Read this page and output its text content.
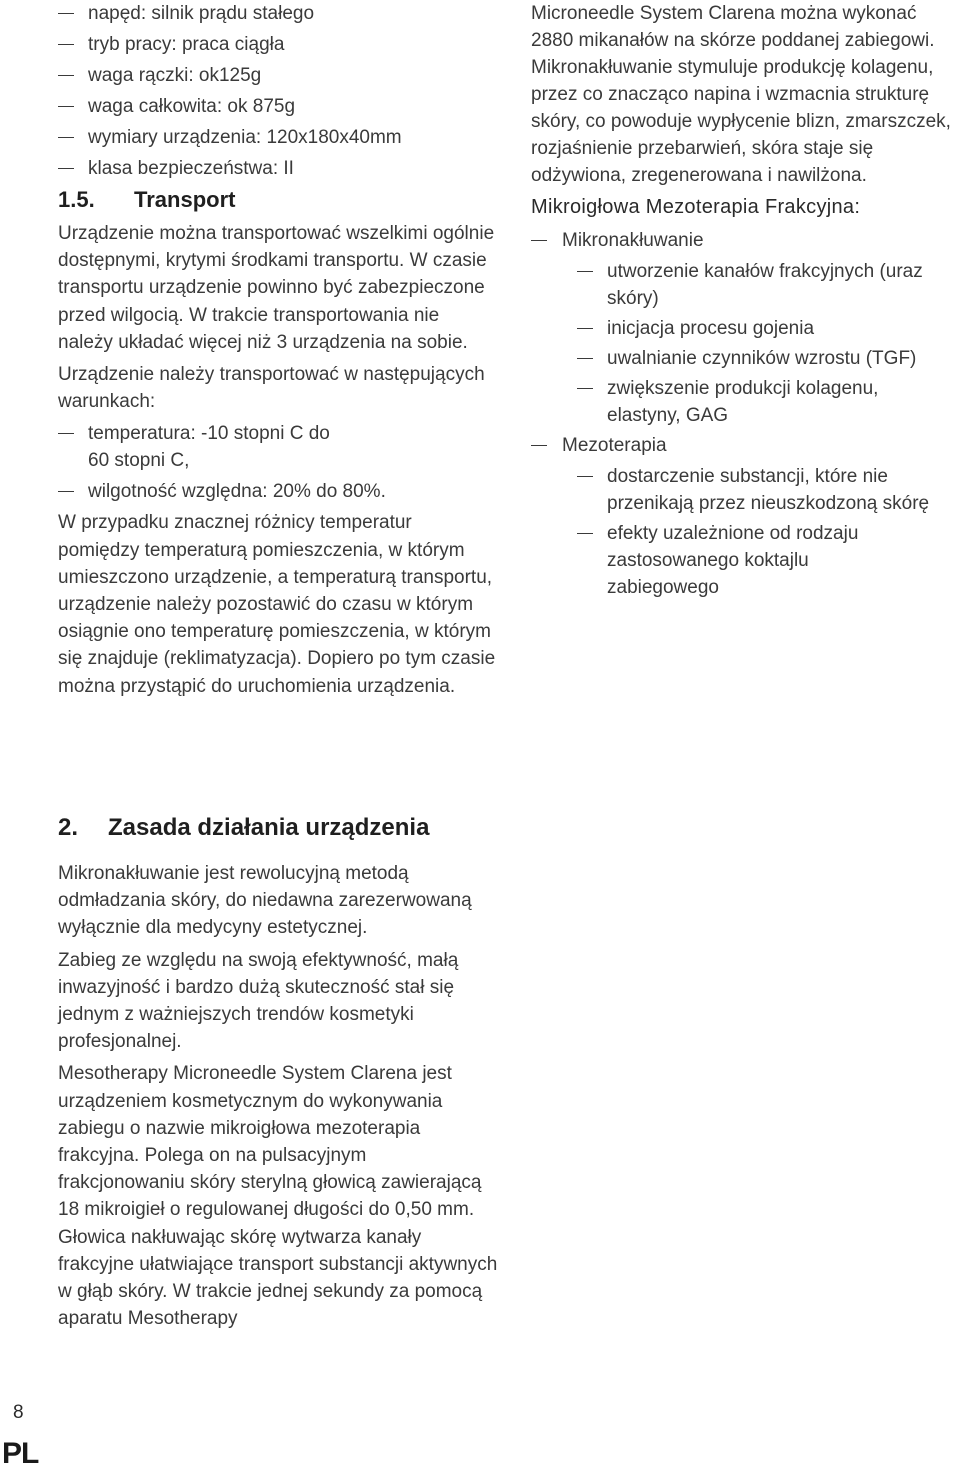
napęd: silnik prądu stałego
tryb pracy: praca ciągła
waga rączki: ok125g
waga całkowita: ok 875g
wymiary urządzenia: 120x180x40mm
klasa bezpieczeństwa: II
1.5.	Transport

Urządzenie można transportować wszelkimi ogólnie dostępnymi, krytymi środkami transportu. W czasie transportu urządzenie powinno być zabezpieczone przed wilgocią. W trakcie transportowania nie należy układać więcej niż 3 urządzenia na sobie.

Urządzenie należy transportować w następujących warunkach:

temperatura: -10 stopni C do 60 stopni C,
wilgotność względna: 20% do 80%.

W przypadku znacznej różnicy temperatur pomiędzy temperaturą pomieszczenia, w którym umieszczono urządzenie, a temperaturą transportu, urządzenie należy pozostawić do czasu w którym osiągnie ono temperaturę pomieszczenia, w którym się znajduje (reklimatyzacja). Dopiero po tym czasie można przystąpić do uruchomienia urządzenia.

2.	Zasada działania urządzenia

Mikronakłuwanie jest rewolucyjną metodą odmładzania skóry, do niedawna zarezerwowaną wyłącznie dla medycyny estetycznej.

Zabieg ze względu na swoją efektywność, małą inwazyjność i bardzo dużą skuteczność stał się jednym z ważniejszych trendów kosmetyki profesjonalnej.

Mesotherapy Microneedle System Clarena jest urządzeniem kosmetycznym do wykonywania zabiegu o nazwie mikroigłowa mezoterapia frakcyjna. Polega on na pulsacyjnym frakcjonowaniu skóry sterylną głowicą zawierającą 18 mikroigieł o regulowanej długości do 0,50 mm. Głowica nakłuwając skórę wytwarza kanały frakcyjne ułatwiające transport substancji aktywnych w głąb skóry. W trakcie jednej sekundy za pomocą aparatu Mesotherapy

Microneedle System Clarena można wykonać 2880 mikanałów na skórze poddanej zabiegowi. Mikronakłuwanie stymuluje produkcję kolagenu, przez co znacząco napina i wzmacnia strukturę skóry, co powoduje wypłycenie blizn, zmarszczek, rozjaśnienie przebarwień, skóra staje się odżywiona, zregenerowana i nawilżona.

Mikroigłowa Mezoterapia Frakcyjna:
Mikronakłuwanie
utworzenie kanałów frakcyjnych (uraz skóry)
inicjacja procesu gojenia
uwalnianie czynników wzrostu (TGF)
zwiększenie produkcji kolagenu, elastyny, GAG
Mezoterapia
dostarczenie substancji, które nie przenikają przez nieuszkodzoną skórę
efekty uzależnione od rodzaju zastosowanego koktajlu zabiegowego
8
PL
